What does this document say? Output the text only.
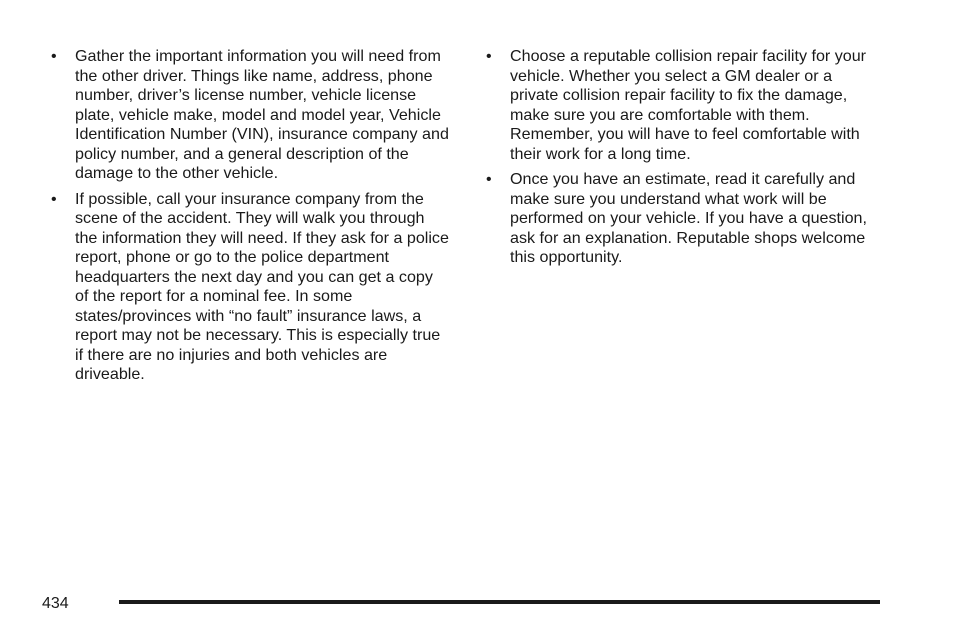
•	Gather the important information you will need from the other driver. Things like name, address, phone number, driver’s license number, vehicle license plate, vehicle make, model and model year, Vehicle Identification Number (VIN), insurance company and policy number, and a general description of the damage to the other vehicle.
•	If possible, call your insurance company from the scene of the accident. They will walk you through the information they will need. If they ask for a police report, phone or go to the police department headquarters the next day and you can get a copy of the report for a nominal fee. In some states/provinces with “no fault” insurance laws, a report may not be necessary. This is especially true if there are no injuries and both vehicles are driveable.
•	Choose a reputable collision repair facility for your vehicle. Whether you select a GM dealer or a private collision repair facility to fix the damage, make sure you are comfortable with them. Remember, you will have to feel comfortable with their work for a long time.
•	Once you have an estimate, read it carefully and make sure you understand what work will be performed on your vehicle. If you have a question, ask for an explanation. Reputable shops welcome this opportunity.
434
